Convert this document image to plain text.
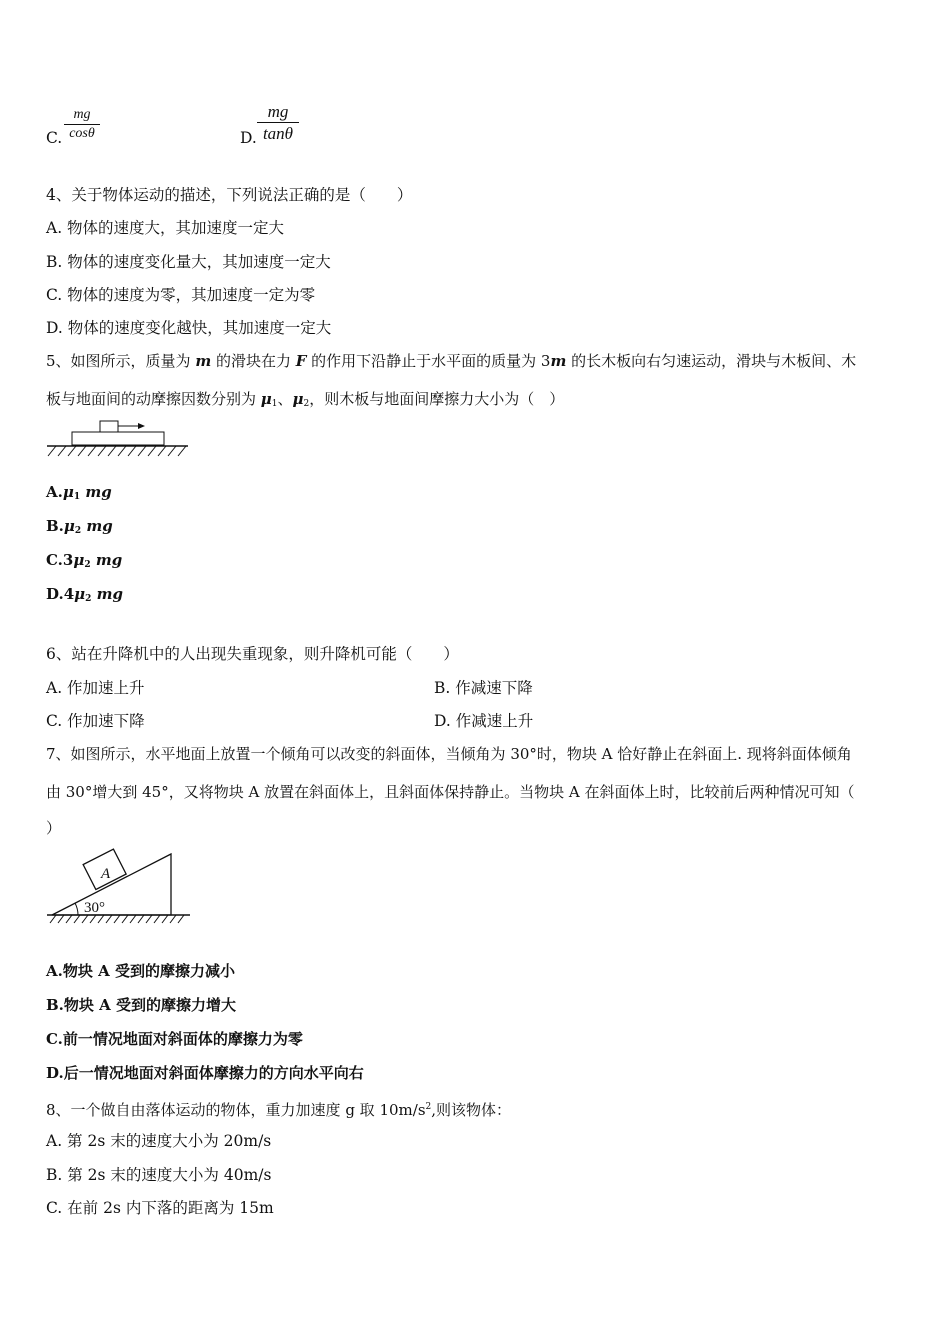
C.
mg
cosθ	D.
mg
tanθ
4、关于物体运动的描述，下列说法正确的是（　　）
A. 物体的速度大，其加速度一定大
B. 物体的速度变化量大，其加速度一定大
C. 物体的速度为零，其加速度一定为零
D. 物体的速度变化越快，其加速度一定大
5、如图所示，质量为 m 的滑块在力 F 的作用下沿静止于水平面的质量为 3m 的长木板向右匀速运动，滑块与木板间、木
板与地面间的动摩擦因数分别为 $\mu_1$、$\mu_2$，则木板与地面间摩擦力大小为（　）
$A.\mu_1$ mg
$B.\mu_2$ mg
$C.3\mu_2$ mg
$D.4\mu_2$ mg
6、站在升降机中的人出现失重现象，则升降机可能（　　）
A. 作加速上升	B. 作减速下降
C. 作加速下降	D. 作减速上升
7、如图所示，水平地面上放置一个倾角可以改变的斜面体，当倾角为 30°时，物块 A 恰好静止在斜面上. 现将斜面体倾角
由 30°增大到 45°，又将物块 A 放置在斜面体上，且斜面体保持静止。当物块 A 在斜面体上时，比较前后两种情况可知（
）
A
30°
A.物块 A 受到的摩擦力减小
B.物块 A 受到的摩擦力增大
C.前一情况地面对斜面体的摩擦力为零
D.后一情况地面对斜面体摩擦力的方向水平向右
8、一个做自由落体运动的物体，重力加速度 g 取 $10m/s^2$,则该物体：
A. 第 2s 末的速度大小为 20m/s
B. 第 2s 末的速度大小为 40m/s
C. 在前 2s 内下落的距离为 15m
